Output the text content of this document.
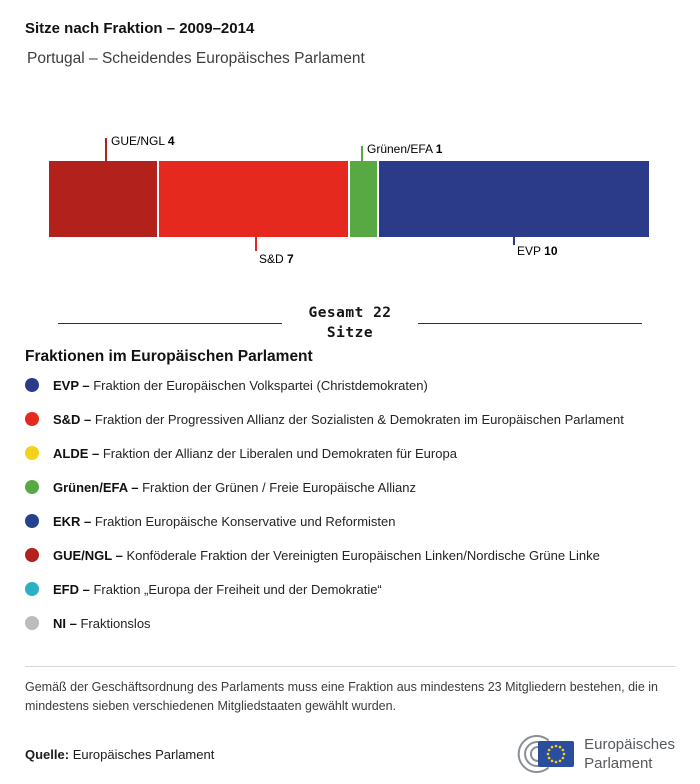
Sitze nach Fraktion – 2009–2014

Portugal – Scheidendes Europäisches Parlament

GUE/NGL 4
Grünen/EFA 1
S&D 7
EVP 10
Gesamt 22
Sitze
Fraktionen im Europäischen Parlament
EVP – Fraktion der Europäischen Volkspartei (Christdemokraten)
S&D – Fraktion der Progressiven Allianz der Sozialisten & Demokraten im Europäischen Parlament
ALDE – Fraktion der Allianz der Liberalen und Demokraten für Europa
Grünen/EFA – Fraktion der Grünen / Freie Europäische Allianz
EKR – Fraktion Europäische Konservative und Reformisten
GUE/NGL – Konföderale Fraktion der Vereinigten Europäischen Linken/Nordische Grüne Linke
EFD – Fraktion „Europa der Freiheit und der Demokratie“
NI – Fraktionslos

Gemäß der Geschäftsordnung des Parlaments muss eine Fraktion aus mindestens 23 Mitgliedern bestehen, die in mindestens sieben verschiedenen Mitgliedstaaten gewählt wurden.

Quelle: Europäisches Parlament

Europäisches
Parlament
